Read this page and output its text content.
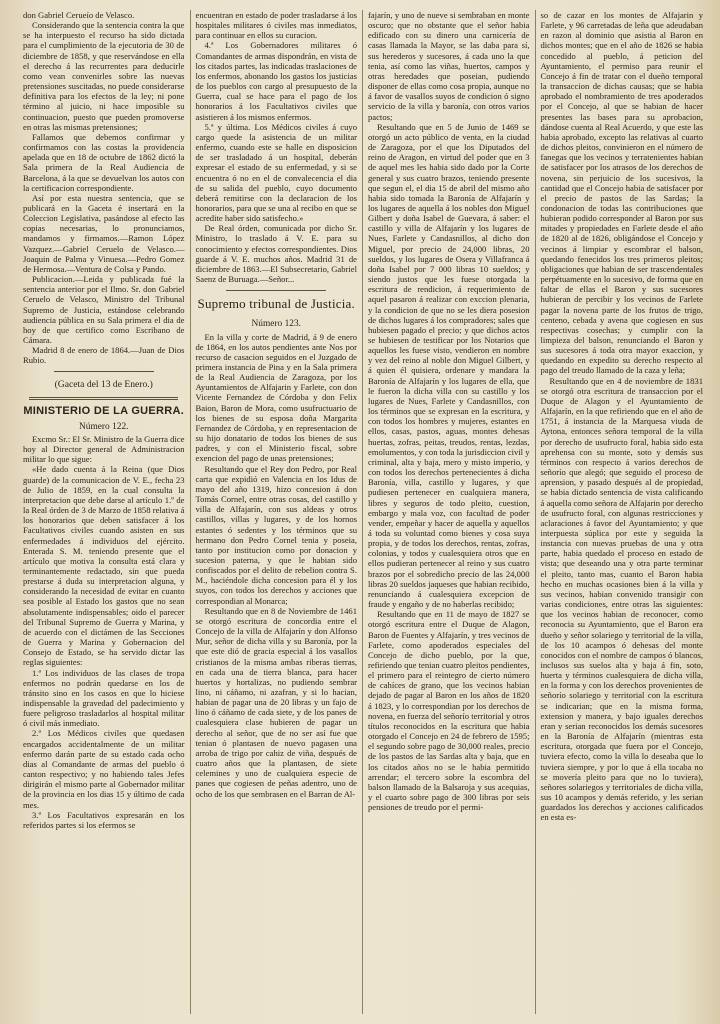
don Gabriel Cerueío de Velasco.

Considerando que la sentencia contra la que se ha interpuesto el recurso ha sido dictada para el cumplimiento de la ejecutoria de 30 de diciembre de 1858, y que reservándose en ella el derecho á las recurrentes para deducirle como vean convenirles sobre las nuevas pretensiones suscitadas, no puede considerarse definitiva para los efectos de la ley; ni pone término al juicio, ni hace imposible su continuacion, puesto que pueden promoverse en otras las mismas pretensiones;

Fallamos que debemos confirmar y confirmamos con las costas la providencia apelada que en 18 de octubre de 1862 dictó la Sala primera de la Real Audiencia de Barcelona, á la que se devuelvan los autos con la certificacion correspondiente.

Así por esta nuestra sentencia, que se publicará en la Gaceta é insertará en la Coleccion Legislativa, pasándose al efecto las copias necesarias, lo pronunciamos, mandamos y firmamos.—Ramon López Vazquez.—Gabriel Ceruelo de Velasco.—Joaquin de Palma y Vinuesa.—Pedro Gomez de Hermosa.—Ventura de Colsa y Pando.

Publicacion.—Leida y publicada fué la sentencia anterior por el Ilmo. Sr. don Gabriel Ceruelo de Velasco, Ministro del Tribunal Supremo de Justicia, estándose celebrando audiencia pública en su Sala primera el dia de hoy de que certifico como Escribano de Cámara.

Madrid 8 de enero de 1864.—Juan de Dios Rubio.

(Gaceta del 13 de Enero.)
MINISTERIO DE LA GUERRA.
Número 122.

Excmo Sr.: El Sr. Ministro de la Guerra dice hoy al Director general de Administracion militar lo que sigue:

«He dado cuenta á la Reina (que Dios guarde) de la comunicacion de V. E., fecha 23 de Julio de 1859, en la cual consulta la interpretacion que debe darse al artículo 1.º de la Real órden de 3 de Marzo de 1858 relativa á los honorarios que deben satisfacer á los Facultativos civiles cuando asisten en sus enfermedades á individuos del ejército. Enterada S. M. teniendo presente que el artículo que motiva la consulta está clara y terminantemente redactado, sin que pueda prestarse á duda su interpretacion alguna, y considerando la necesidad de evitar en cuanto sea posible al Estado los gastos que no sean absolutamente indispensables; oido el parecer del Tribunal Supremo de Guerra y Marina, y de acuerdo con el dictámen de las Secciones de Guerra y Marina y Gobernacion del Consejo de Estado, se ha servido dictar las reglas siguientes:

1.ª Los individuos de las clases de tropa enfermos no podrán quedarse en los de tránsito sino en los casos en que lo hiciese indispensable la gravedad del padecimiento y fuere peligroso trasladarlos al hospital militar ó civil más inmediato.

2.ª Los Médicos civiles que quedasen encargados accidentalmente de un militar enfermo darán parte de su estado cada ocho dias al Comandante de armas del pueblo ó canton respectivo; y no habiendo tales Jefes dirigirán el mismo parte al Gobernador militar de la provincia en los dias 15 y último de cada mes.

3.ª Los Facultativos expresarán en los referidos partes si los efermos se

encuentran en estado de poder trasladarse á los hospitales militares ó civiles mas inmediatos, para continuar en ellos su curacion.

4.ª Los Gobernadores militares ó Comandantes de armas dispondrán, en vista de los citados partes, las indicadas traslaciones de los enfermos, abonando los gastos los justicias de los pueblos con cargo al presupuesto de la Guerra, cual se hace para el pago de los honorarios á los Facultativos civiles que asistieren á los mismos enfermos.

5.ª y última. Los Médicos civiles á cuyo cargo quede la asistencia de un militar enfermo, cuando este se halle en disposicion de ser trasladado á un hospital, deberán expresar el estado de su enfermedad, y si se encuentra ó no en el de convalecencia el dia de su salida del pueblo, cuyo documento deberá remitirse con la declaracion de los honorarios, para que se una al recibo en que se acredite haber sido satisfecho.»

De Real órden, comunicada por dicho Sr. Ministro, lo traslado á V. E. para su conocimiento y efectos correspondientes. Dios guarde á V. E. muchos años. Madrid 31 de diciembre de 1863.—El Subsecretario, Gabriel Saenz de Buruaga.—Señor...

Supremo tribunal de Justicia.
Número 123.

En la villa y corte de Madrid, á 9 de enero de 1864, en los autos pendientes ante Nos por recurso de casacion seguidos en el Juzgado de primera instancia de Pina y en la Sala primera de la Real Audiencia de Zaragoza, por los Ayuntamientos de Alfajarin y Farlete, con don Vicente Fernandez de Córdoba y don Felix Baion, Baron de Mora, como usufructuario de los bienes de su esposa doña Margarita Fernandez de Córdoba, y en representacion de su hijo donatario de todos los bienes de sus padres, y con el Ministerio fiscal, sobre exencion del pago de unas pretensiones;

Resultando que el Rey don Pedro, por Real carta que expidió en Valencia en los Idus de mayo del año 1319, hizo concesion á don Tomás Cornel, entre otras cosas, del castillo y villa de Alfajarín, con sus aldeas y otros castillos, villas y lugares, y de los hornos estantes ó sedentes y los términos que su hermano don Pedro Cornel tenia y poseia, tanto por institucion como por donacion y sucesion paterna, y que le habian sido confiscados por el delito de rebelion contra S. M., haciéndole dicha concesion para él y los suyos, con todos los derechos y acciones que correspondian al Monarca;

Resultando que en 8 de Noviembre de 1461 se otorgó escritura de concordia entre el Concejo de la villa de Alfajarín y don Alfonso Mur, señor de dicha villa y su Baronía, por la que este dió de gracia especial á los vasallos cristianos de la misma ambas riberas tierras, en cada una de tierra blanca, para hacer huertos y hortalizas, no pudiendo sembrar lino, ni cáñamo, ni azafran, y si lo hacian, habian de pagar una de 20 libras y un fajo de lino ó cáñamo de cada siete, y de los panes de cualesquiera clase hubieren de pagar un derecho al señor, que de no ser así fue que tenian ó plantasen de nuevo pagasen una arroba de trigo por cahiz de viña, después de cuatro años que la plantasen, de siete celemines y uno de cualquiera especie de panes que cogiesen de peñas adentro, uno de ocho de los que sembrasen en el Barran de Al-

fajarín, y uno de nueve si sembraban en monte oscuro; que no obstante que el señor habia edificado con su dinero una carnicería de casas llamada la Mayor, se las daba para sí, sus herederos y sucesores, á cada uno la que tenia, así como las viñas, huertos, campos y otras heredades que poseian, pudiendo disponer de ellas como cosa propia, aunque no á favor de vasallos suyos de condicion ó signo servicio de la villa y baronía, con otros varios pactos;

Resultando que en 5 de Junio de 1469 se otorgó un acto público de venta, en la ciudad de Zaragoza, por el que los Diputados del reino de Aragon, en virtud del poder que en 3 de aquel mes les habia sido dado por la Corte general y sus cuatro brazos, teniendo presente que segun el, el dia 15 de abril del mismo año habia sido tomada la Baronía de Alfajarín y los lugares de aquella á los nobles don Miguel Gilbert y doña Isabel de Guevara, á saber: el castillo y villa de Alfajarín y los lugares de Nues, Farlete y Candasnillos, al dicho don Miguel, por precio de 24,000 libras, 20 sueldos, y los lugares de Osera y Villafranca á doña Isabel por 7 000 libras 10 sueldos; y siendo justos que les fuese otorgada la escritura de rendicion, á requerimiento de aquel pasaron á realizar con exccion plenaria, y la condicion de que no se les diera posesion de dichos lugares á los compradores; sales que hubiesen pagado el precio; y que dichos actos se hubiesen de testificar por los Notarios que aquellos les fuese visto, vendieron en nombre y vez del reino al noble don Miguel Gilbert, y á quien él quisiera, ordenare y mandara la Baronía de Alfajarín y los lugares de ella, que le fueron la dicha villa con su castillo y los lugares de Nues, Farlete y Candasnillos, con los términos que se expresan en la escritura, y con todos los hombres y mujeres, estantes en ellos, casas, pastos, aguas, montes dehesas huertas, zofras, peitas, treudos, rentas, lezdas, emolumentos, y con toda la jurisdiccion civil y criminal, alta y baja, mero y misto imperio, y con todos los derechos pertenecientes á dicha Baronía, villa, castillo y lugares, y que pudiesen pertenecer en cualquiera manera, libres y seguros de todo pleito, cuestion, embargo y mala voz, con facultad de poder vender, empeñar y hacer de aquella y aquellos á toda su voluntad como bienes y cosa suya propia, y de todos los derechos, rentas, zofras, colonias, y todos y cualesquiera otros que en ellos pudieran pertenecer al reino y sus cuatro brazos por el sobredicho precio de las 24,000 libras 20 sueldos jaqueses que habian recibido, renunciando á cualesquiera excepcion de fraude y engaño y de no haberlas recibido;

Resultando que en 11 de mayo de 1827 se otorgó escritura entre el Duque de Alagon, Baron de Fuentes y Alfajarín, y tres vecinos de Farlete, como apoderados especiales del Concejo de dicho pueblo, por la que, refiriendo que tenian cuatro pleitos pendientes, el primero para el reintegro de cierto número de cahíces de grano, que los vecinos habian dejado de pagar al Baron en los años de 1820 á 1823, y lo correspondian por los derechos de novena, en fuerza del señorío territorial y otros títulos reconocidos en la escritura que habia otorgado el Concejo en 24 de febrero de 1595; el segundo sobre pago de 30,000 reales, precio de los pastos de las Sardas alta y baja, que en los citados años no se le habia permitido arrendar; el tercero sobre la escombra del balson llamado de la Balsaroja y sus acequias, y el cuarto sobre pago de 300 libras por seis pensiones de treudo por el permi-

so de cazar en los montes de Alfajarin y Farlete, y 96 carretadas de leña que adeudaban en razon al dominio que asistia al Baron en dichos montes; que en el año de 1826 se habia concedido al pueblo, á peticion del Ayuntamiento, el permiso para reunir el Concejo á fin de tratar con el dueño temporal la transaccion de dichas causas; que se habia aprobado el nombramiento de tres apoderados por el Concejo, al que se habian de hacer presentes las bases para su aprobacion, dándose cuenta al Real Acuerdo, y que este las habia aprobado, excepto las relativas al cuarto de dichos pleitos, convinieron en el número de fanegas que los vecinos y terratenientes habian de satisfacer por los atrasos de los derechos de novena, sin perjuicio de los sucesivos, la cantidad que el Concejo habia de satisfacer por el precio de pastos de las Sardas; la condonacion de todas las contribuciones que hubieran podido corresponder al Baron por sus mitades y propiedades en Farlete desde el año de 1820 al de 1826, obligándose el Concejo y vecinos á limpiar y escombrar el balson, quedando fenecidos los tres primeros pleitos; obligaciones que habian de ser trascendentales perpétuamente en lo sucesivo, de forma que en faltar de ellas el Baron y sus sucesores hubieran de percibir y los vecinos de Farlete pagar la novena parte de los frutos de trigo, centeno, cebada y avena que cogiesen en sus respectivas cosechas; y cumplir con la limpieza del balson, renunciando el Baron y sus sucesores á toda otra mayor exaccion, y quedando en expedito su derecho respecto al pago del treudo llamado de la caza y leña;

Resultando que en 4 de noviembre de 1831 se otorgó otra escritura de transaccion por el Duque de Alagon y el Ayuntamiento de Alfajarín, en la que refiriendo que en el año de 1751, á instancia de la Marquesa viuda de Aytona, entonces señora temporal de la villa por derecho de usufructo foral, habia sido esta aprehensa con su monte, soto y demás sus términos con respecto á varios derechos de señorío que alegó; que seguido el proceso de aprension, y pasado después al de propiedad, se habia dictado sentencia de vista calificando á aquella como señora de Alfajarin por derecho de usufructo foral, con algunas restricciones y aclaraciones á favor del Ayuntamiento; y que interpuesta súplica por este y seguida la instancia con nuevas pruebas de una y otra parte, habia quedado el proceso en estado de vista; que deseando una y otra parte terminar el pleito, tanto mas, cuanto el Baron habia hecho en muchas ocasiones bien á la villa y sus vecinos, habian convenido transigir con varias condiciones, entre otras las siguientes: que los vecinos habian de reconocer, como reconocia su Ayuntamiento, que el Baron era dueño y señor solariego y territorial de la villa, de los 10 acampos ó dehesas del monte conocidos con el nombre de campos ó blancos, inclusos sus suelos alta y baja á fin, soto, huerta y términos cualesquiera de dicha villa, en la forma y con los derechos provenientes de señorío solariego y territorial con la escritura se indicarian; que en la misma forma, extension y manera, y bajo iguales derechos eran y serian reconocidos los demás sucesores en la Baronía de Alfajarín (mientras esta escritura, otorgada que fuera por el Concejo, tuviera efecto, como la villa lo deseaba que lo tuviera siempre, y por lo que á ella tocaba no se movería pleito para que no lo tuviera), señores solariegos y territoriales de dicha villa, sus 10 acampos y demás referido, y les serian guardados los derechos y acciones calificados en esta es-
